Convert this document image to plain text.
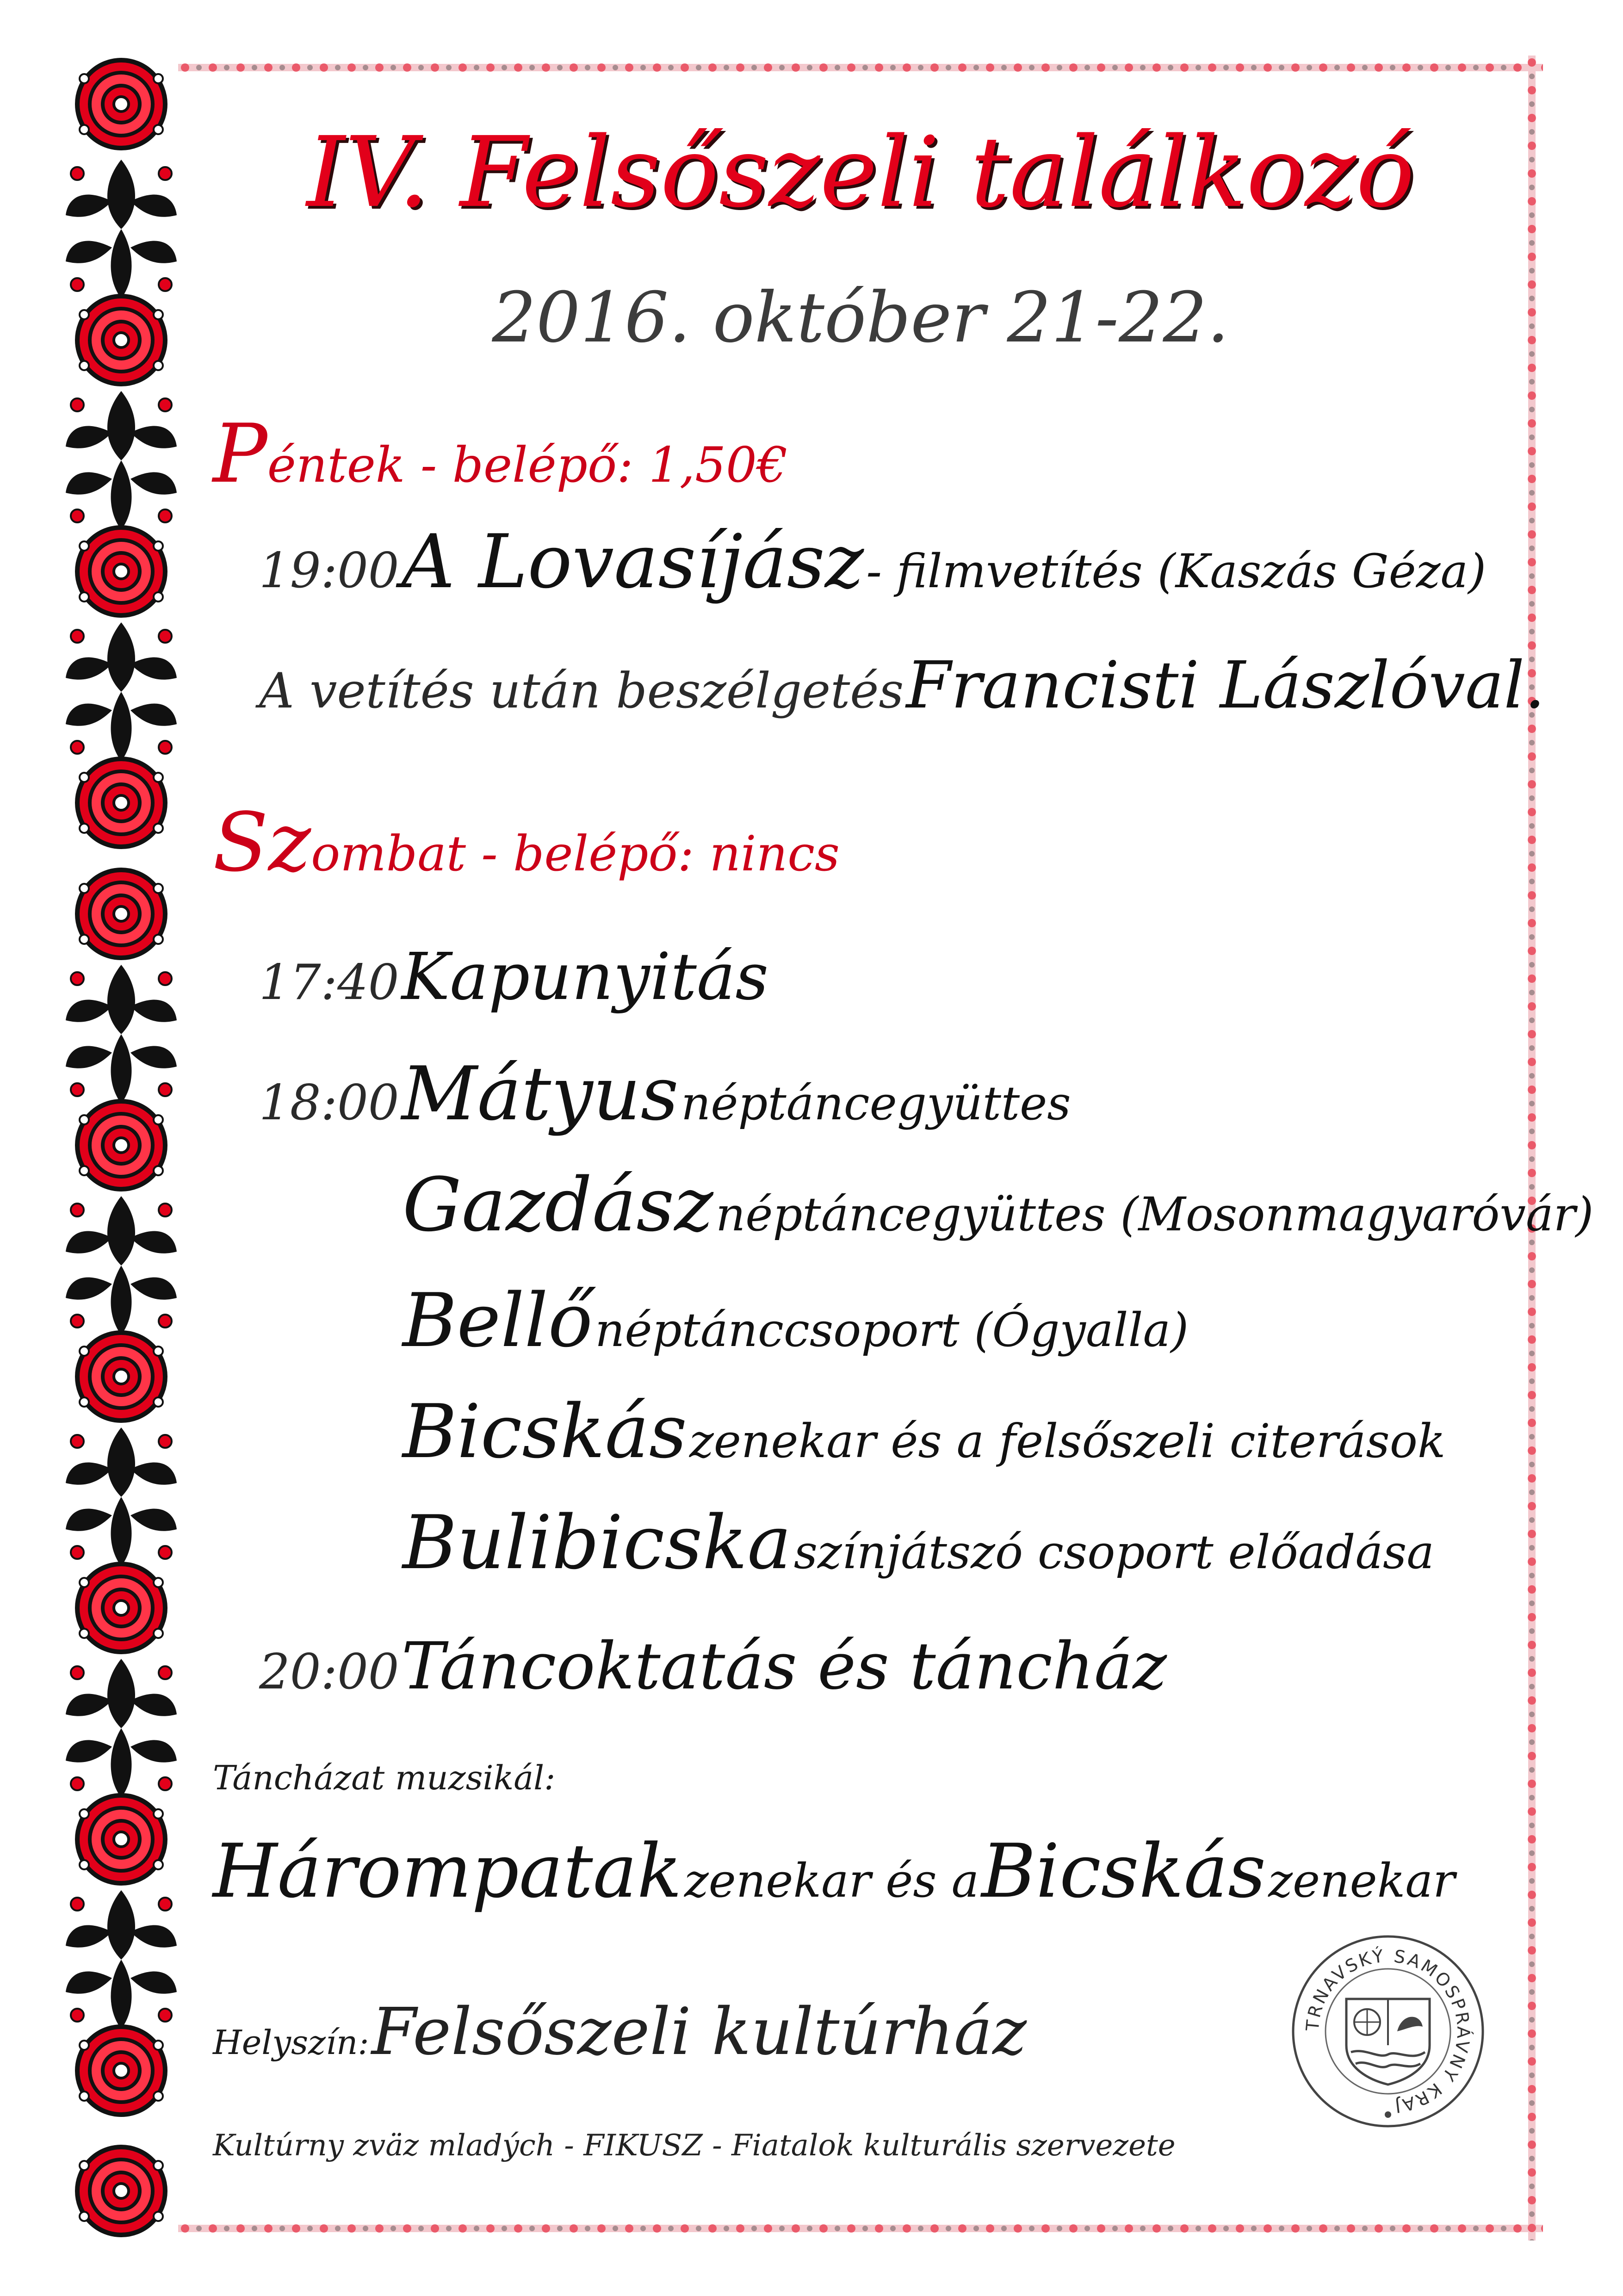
IV. Felsőszeli találkozó
2016. október 21-22.
Péntek - belépő: 1,50€
19:00 A Lovasíjász - filmvetítés (Kaszás Géza)
A vetítés után beszélgetés Francisti Lászlóval.
Szombat - belépő: nincs
17:40 Kapunyitás
18:00 Mátyus néptáncegyüttes
Gazdász néptáncegyüttes (Mosonmagyaróvár)
Bellő néptánccsoport (Ógyalla)
Bicskás zenekar és a felsőszeli citerások
Bulibicska színjátszó csoport előadása
20:00 Táncoktatás és táncház
Táncházat muzsikál:
Hárompatak zenekar és a Bicskás zenekar
Helyszín: Felsőszeli kultúrház
Kultúrny zväz mladých - FIKUSZ - Fiatalok kulturális szervezete
TRNAVSKÝ SAMOSPRÁVNY KRAJ
